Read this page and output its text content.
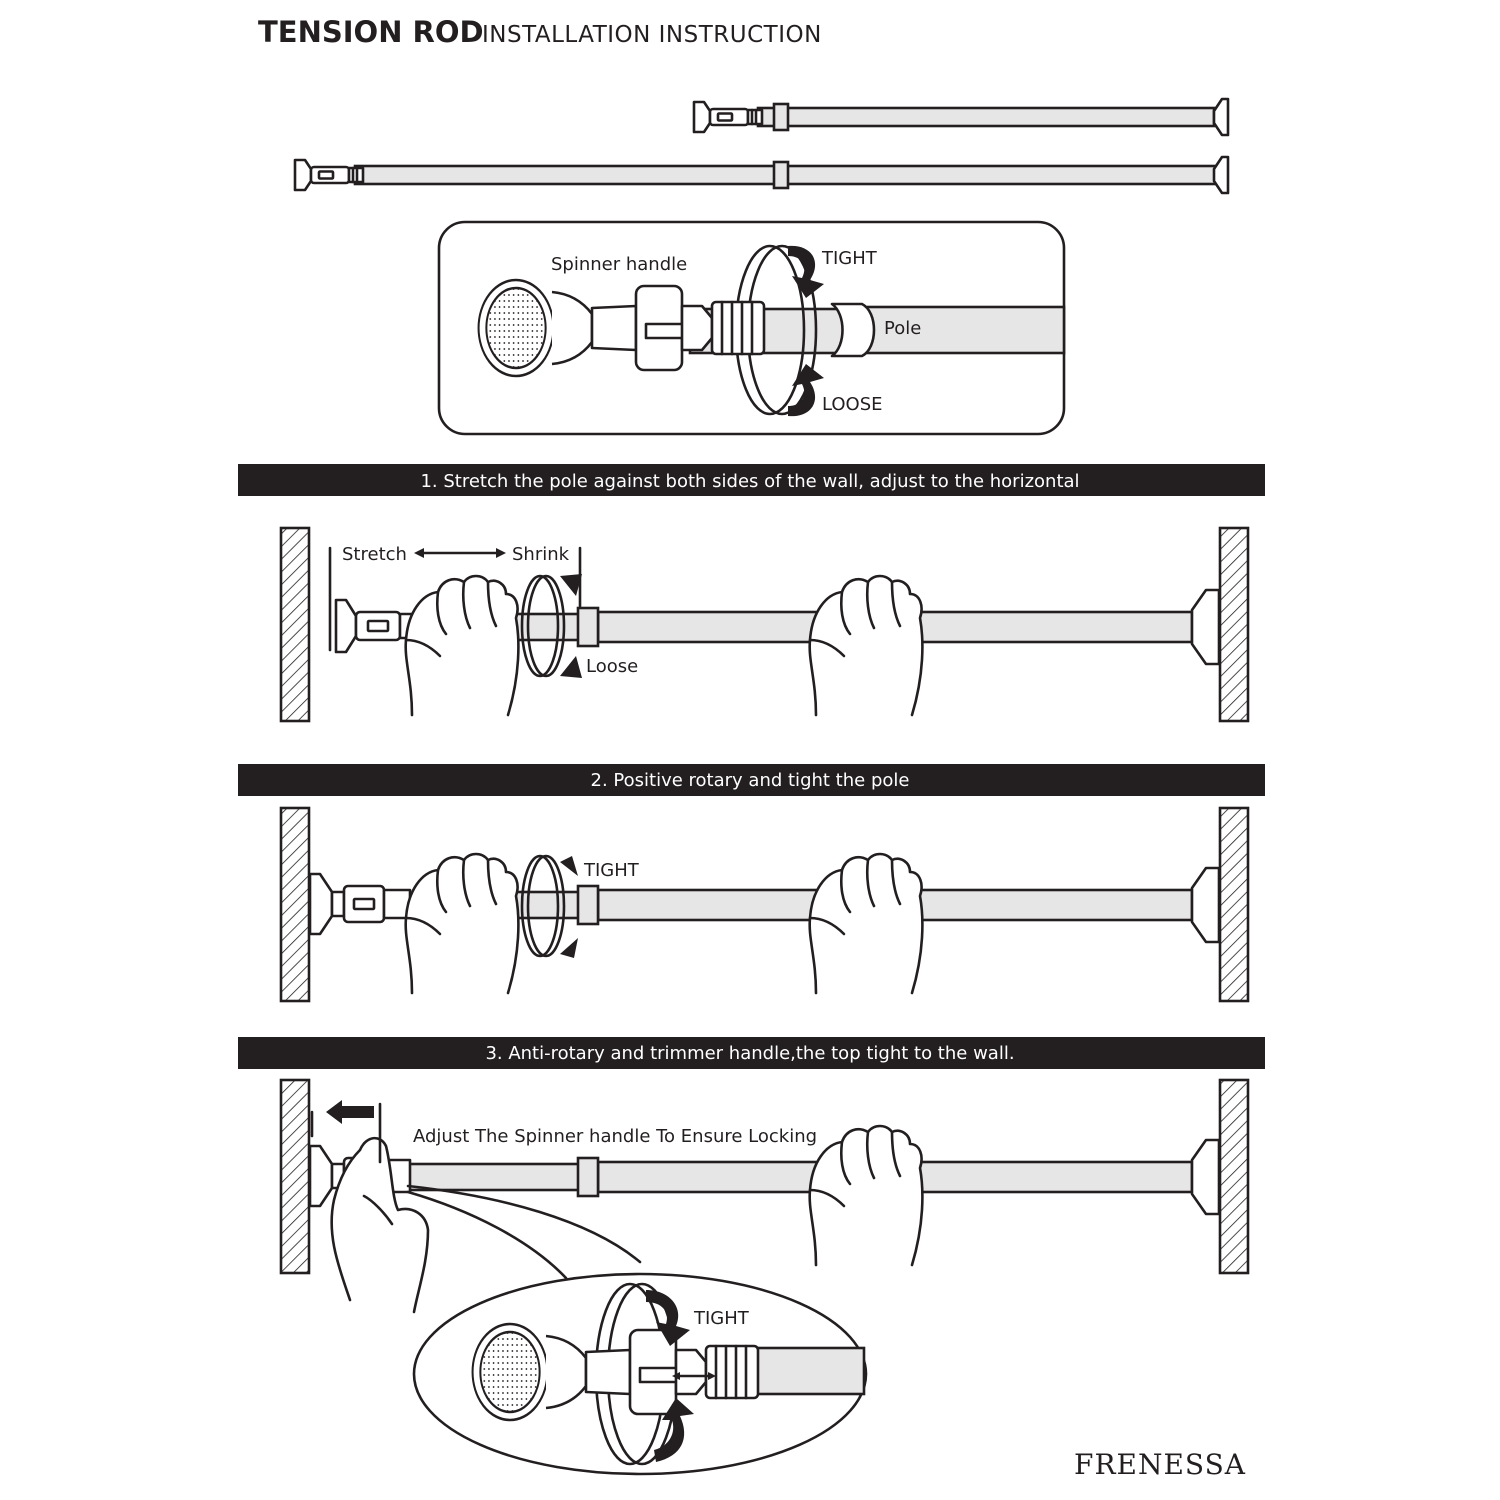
TENSION ROD
INSTALLATION INSTRUCTION
Spinner handle
Pole
TIGHT
LOOSE
1. Stretch the pole against both sides of the wall, adjust to the horizontal
Stretch	Shrink
Loose
2. Positive rotary and tight the pole
TIGHT
3. Anti-rotary and trimmer handle,the top tight to the wall.
Adjust The Spinner handle To Ensure Locking
TIGHT
FRENESSA
